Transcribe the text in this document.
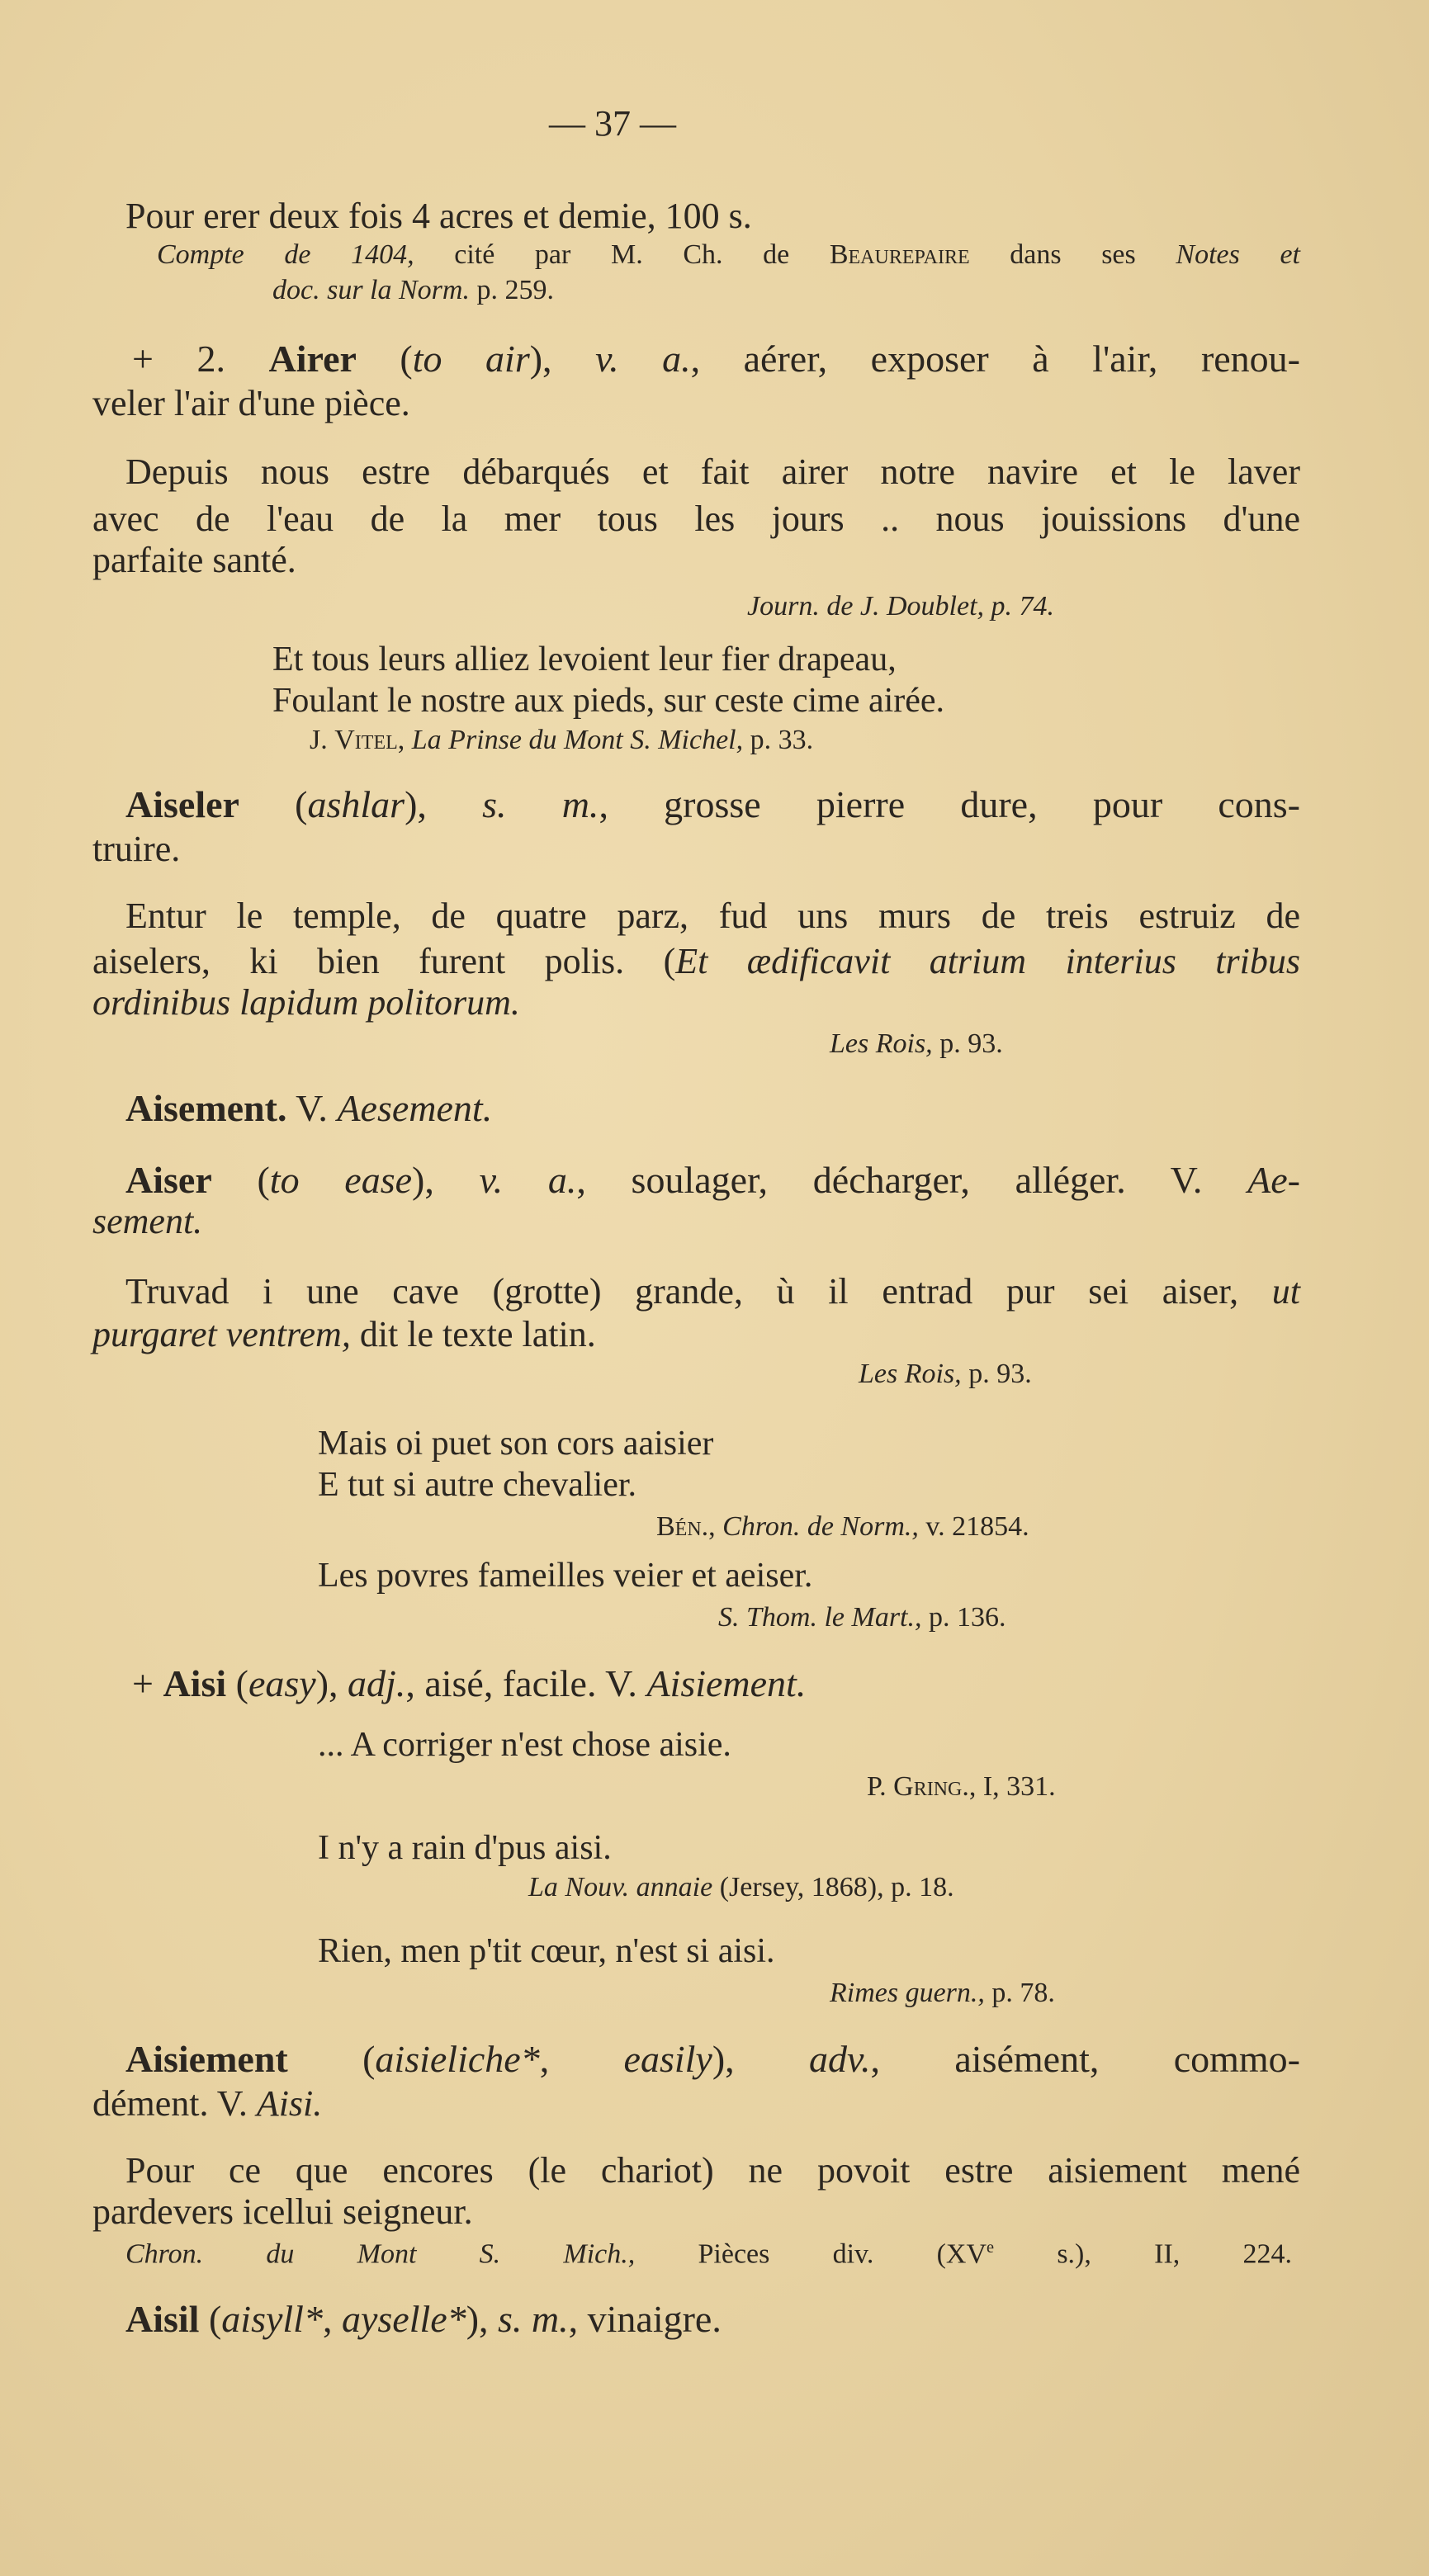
— 37 —
Pour erer deux fois 4 acres et demie, 100 s.
Compte de 1404, cité par M. Ch. de Beaurepaire dans ses Notes et
doc. sur la Norm. p. 259.
+ 2. Airer (to air), v. a., aérer, exposer à l'air, renou-
veler l'air d'une pièce.
Depuis nous estre débarqués et fait airer notre navire et le laver
avec de l'eau de la mer tous les jours .. nous jouissions d'une
parfaite santé.
Journ. de J. Doublet, p. 74.
Et tous leurs alliez levoient leur fier drapeau,
Foulant le nostre aux pieds, sur ceste cime airée.
J. Vitel, La Prinse du Mont S. Michel, p. 33.
Aiseler (ashlar), s. m., grosse pierre dure, pour cons-
truire.
Entur le temple, de quatre parz, fud uns murs de treis estruiz de
aiselers, ki bien furent polis. (Et ædificavit atrium interius tribus
ordinibus lapidum politorum.
Les Rois, p. 93.
Aisement. V. Aesement.
Aiser (to ease), v. a., soulager, décharger, alléger. V. Ae-
sement.
Truvad i une cave (grotte) grande, ù il entrad pur sei aiser, ut
purgaret ventrem, dit le texte latin.
Les Rois, p. 93.
Mais oi puet son cors aaisier
E tut si autre chevalier.
Bén., Chron. de Norm., v. 21854.
Les povres fameilles veier et aeiser.
S. Thom. le Mart., p. 136.
+ Aisi (easy), adj., aisé, facile. V. Aisiement.
... A corriger n'est chose aisie.
P. Gring., I, 331.
I n'y a rain d'pus aisi.
La Nouv. annaie (Jersey, 1868), p. 18.
Rien, men p'tit cœur, n'est si aisi.
Rimes guern., p. 78.
Aisiement (aisieliche*, easily), adv., aisément, commo-
dément. V. Aisi.
Pour ce que encores (le chariot) ne povoit estre aisiement mené
pardevers icellui seigneur.
Chron. du Mont S. Mich., Pièces div. (XVe s.), II, 224.
Aisil (aisyll*, ayselle*), s. m., vinaigre.
